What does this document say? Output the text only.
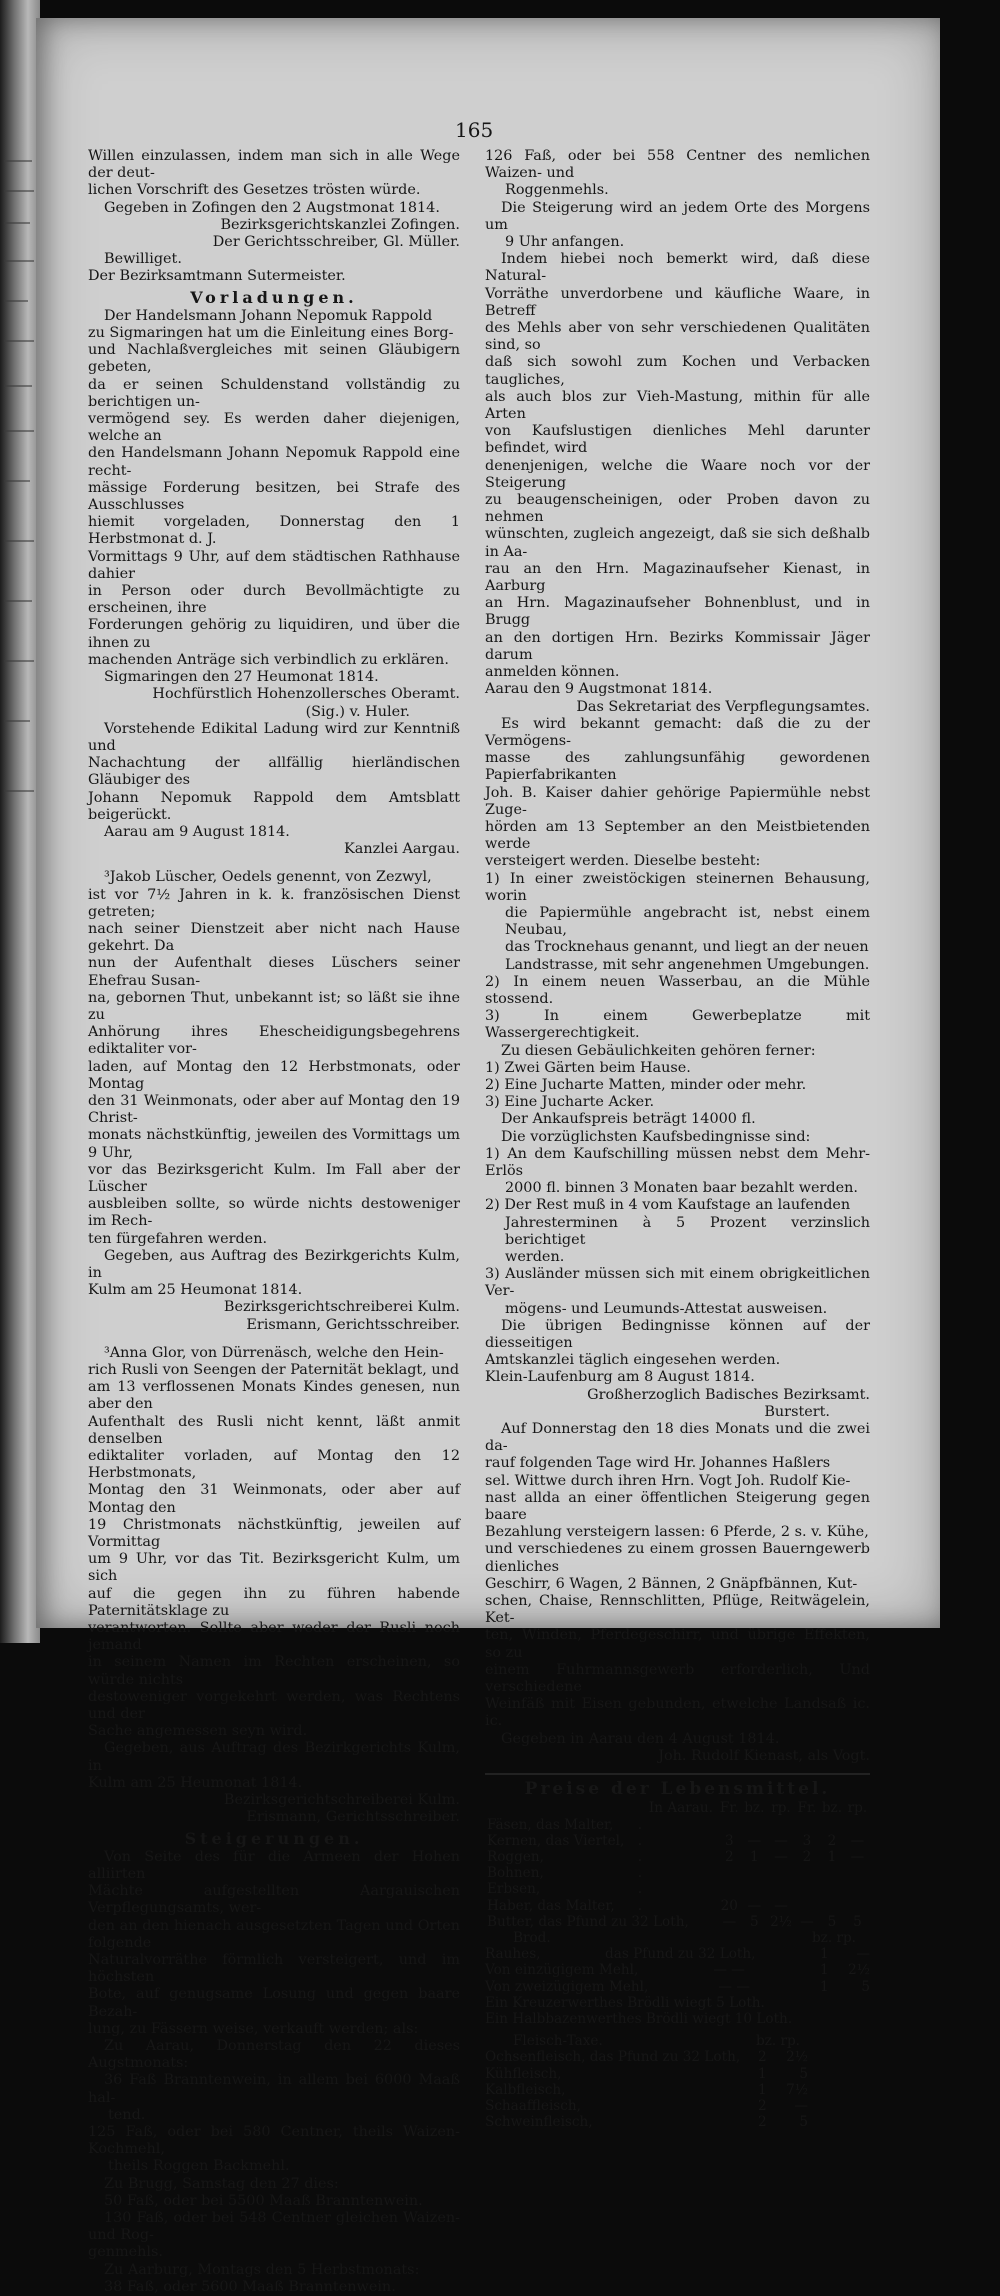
165

Willen einzulassen, indem man sich in alle Wege der deut-

lichen Vorschrift des Gesetzes trösten würde.

Gegeben in Zofingen den 2 Augstmonat 1814.

Bezirksgerichtskanzlei Zofingen.

Der Gerichtsschreiber, Gl. Müller.

Bewilliget.

Der Bezirksamtmann Sutermeister.

Vorladungen.

Der Handelsmann Johann Nepomuk Rappold

zu Sigmaringen hat um die Einleitung eines Borg-

und Nachlaßvergleiches mit seinen Gläubigern gebeten,

da er seinen Schuldenstand vollständig zu berichtigen un-

vermögend sey. Es werden daher diejenigen, welche an

den Handelsmann Johann Nepomuk Rappold eine recht-

mässige Forderung besitzen, bei Strafe des Ausschlusses

hiemit vorgeladen, Donnerstag den 1 Herbstmonat d. J.

Vormittags 9 Uhr, auf dem städtischen Rathhause dahier

in Person oder durch Bevollmächtigte zu erscheinen, ihre

Forderungen gehörig zu liquidiren, und über die ihnen zu

machenden Anträge sich verbindlich zu erklären.

Sigmaringen den 27 Heumonat 1814.

Hochfürstlich Hohenzollersches Oberamt.

(Sig.) v. Huler.

Vorstehende Edikital Ladung wird zur Kenntniß und

Nachachtung der allfällig hierländischen Gläubiger des

Johann Nepomuk Rappold dem Amtsblatt beigerückt.

Aarau am 9 August 1814.

Kanzlei Aargau.

³Jakob Lüscher, Oedels genennt, von Zezwyl,

ist vor 7½ Jahren in k. k. französischen Dienst getreten;

nach seiner Dienstzeit aber nicht nach Hause gekehrt. Da

nun der Aufenthalt dieses Lüschers seiner Ehefrau Susan-

na, gebornen Thut, unbekannt ist; so läßt sie ihne zu

Anhörung ihres Ehescheidigungsbegehrens ediktaliter vor-

laden, auf Montag den 12 Herbstmonats, oder Montag

den 31 Weinmonats, oder aber auf Montag den 19 Christ-

monats nächstkünftig, jeweilen des Vormittags um 9 Uhr,

vor das Bezirksgericht Kulm. Im Fall aber der Lüscher

ausbleiben sollte, so würde nichts destoweniger im Rech-

ten fürgefahren werden.

Gegeben, aus Auftrag des Bezirkgerichts Kulm, in

Kulm am 25 Heumonat 1814.

Bezirksgerichtschreiberei Kulm.

Erismann, Gerichtsschreiber.

³Anna Glor, von Dürrenäsch, welche den Hein-

rich Rusli von Seengen der Paternität beklagt, und

am 13 verflossenen Monats Kindes genesen, nun aber den

Aufenthalt des Rusli nicht kennt, läßt anmit denselben

ediktaliter vorladen, auf Montag den 12 Herbstmonats,

Montag den 31 Weinmonats, oder aber auf Montag den

19 Christmonats nächstkünftig, jeweilen auf Vormittag

um 9 Uhr, vor das Tit. Bezirksgericht Kulm, um sich

auf die gegen ihn zu führen habende Paternitätsklage zu

verantworten. Sollte aber weder der Rusli noch jemand

in seinem Namen im Rechten erscheinen, so würde nichts

destoweniger vorgekehrt werden, was Rechtens und der

Sache angemessen seyn wird.

Gegeben, aus Auftrag des Bezirkgerichts Kulm, in

Kulm am 25 Heumonat 1814.

Bezirksgerichtschreiberei Kulm.

Erismann, Gerichtsschreiber.

Steigerungen.

Von Seite des für die Armeen der Hohen alliirten

Mächte aufgestellten Aargauischen Verpflegungsamts, wer-

den an den hienach ausgesetzten Tagen und Orten folgende

Naturalvorräthe förmlich versteigert, und im höchsten

Bote, auf genugsame Losung und gegen baare Bezah-

lung, zu Fässern weise, verkauft werden; als:

Zu Aarau, Donnerstag den 22 dieses Augstmonats:

36 Faß Branntenwein, in allem bei 6000 Maaß hal-

tend.

125 Faß, oder bei 580 Centner, theils Waizen-Kochmehl,

theils Roggen Backmehl.

Zu Brugg, Samstag den 27 dies:

50 Faß, oder bei 5500 Maaß Branntenwein.

130 Faß, oder bei 548 Centner gleichen Waizen- und Rog-

genmehls.

Zu Aarburg, Montags den 5 Herbstmonats:

38 Faß, oder 5600 Maaß Branntenwein.

126 Faß, oder bei 558 Centner des nemlichen Waizen- und

Roggenmehls.

Die Steigerung wird an jedem Orte des Morgens um

9 Uhr anfangen.

Indem hiebei noch bemerkt wird, daß diese Natural-

Vorräthe unverdorbene und käufliche Waare, in Betreff

des Mehls aber von sehr verschiedenen Qualitäten sind, so

daß sich sowohl zum Kochen und Verbacken taugliches,

als auch blos zur Vieh-Mastung, mithin für alle Arten

von Kaufslustigen dienliches Mehl darunter befindet, wird

denenjenigen, welche die Waare noch vor der Steigerung

zu beaugenscheinigen, oder Proben davon zu nehmen

wünschten, zugleich angezeigt, daß sie sich deßhalb in Aa-

rau an den Hrn. Magazinaufseher Kienast, in Aarburg

an Hrn. Magazinaufseher Bohnenblust, und in Brugg

an den dortigen Hrn. Bezirks Kommissair Jäger darum

anmelden können.

Aarau den 9 Augstmonat 1814.

Das Sekretariat des Verpflegungsamtes.

Es wird bekannt gemacht: daß die zu der Vermögens-

masse des zahlungsunfähig gewordenen Papierfabrikanten

Joh. B. Kaiser dahier gehörige Papiermühle nebst Zuge-

hörden am 13 September an den Meistbietenden werde

versteigert werden. Dieselbe besteht:

1) In einer zweistöckigen steinernen Behausung, worin

die Papiermühle angebracht ist, nebst einem Neubau,

das Trocknehaus genannt, und liegt an der neuen

Landstrasse, mit sehr angenehmen Umgebungen.

2) In einem neuen Wasserbau, an die Mühle stossend.

3) In einem Gewerbeplatze mit Wassergerechtigkeit.

Zu diesen Gebäulichkeiten gehören ferner:

1) Zwei Gärten beim Hause.

2) Eine Jucharte Matten, minder oder mehr.

3) Eine Jucharte Acker.

Der Ankaufspreis beträgt 14000 fl.

Die vorzüglichsten Kaufsbedingnisse sind:

1) An dem Kaufschilling müssen nebst dem Mehr-Erlös

2000 fl. binnen 3 Monaten baar bezahlt werden.

2) Der Rest muß in 4 vom Kaufstage an laufenden

Jahresterminen à 5 Prozent verzinslich berichtiget

werden.

3) Ausländer müssen sich mit einem obrigkeitlichen Ver-

mögens- und Leumunds-Attestat ausweisen.

Die übrigen Bedingnisse können auf der diesseitigen

Amtskanzlei täglich eingesehen werden.

Klein-Laufenburg am 8 August 1814.

Großherzoglich Badisches Bezirksamt.

Burstert.

Auf Donnerstag den 18 dies Monats und die zwei da-

rauf folgenden Tage wird Hr. Johannes Haßlers

sel. Wittwe durch ihren Hrn. Vogt Joh. Rudolf Kie-

nast allda an einer öffentlichen Steigerung gegen baare

Bezahlung versteigern lassen: 6 Pferde, 2 s. v. Kühe,

und verschiedenes zu einem grossen Bauerngewerb dienliches

Geschirr, 6 Wagen, 2 Bännen, 2 Gnäpfbännen, Kut-

schen, Chaise, Rennschlitten, Pflüge, Reitwägelein, Ket-

ten, Winden, Pferdegeschirr, und übrige Effekten, so zu

einem Fuhrmannsgewerb erforderlich, Und verschiedene

Weinfäß mit Eisen gebunden, etwelche Landsaß ic. ic.

Gegeben in Aarau den 4 August 1814.

Joh. Rudolf Kienast, als Vogt.

Preise der Lebensmittel.
		In Aarau.	Fr.	bz.	rp.	Fr.	bz.	rp.
Fäsen, das Malter,	.							
Kernen, das Viertel,	.		3	—	—	3	2	—
Roggen,	.		2	1	—	2	1	—
Bohnen,	.							
Erbsen,	.							
Haber, das Malter,	.		20	—	—			
Butter, das Pfund zu 32 Loth,			—	5	2½	—	5	5
Brod.	bz. rp.
Rauhes,	das Pfund zu 32 Loth,	1 —
Von einzügigem Mehl,	— —	1 2½
Von zweizügigem Mehl,	— —	1 5
Ein Kreuzerwerthes Brödli wiegt 5 Loth.
Ein Halbbazenwerthes Brödli wiegt 10 Loth.
Fleisch-Taxe.	bz. rp.
Ochsenfleisch, das Pfund zu 32 Loth, 2 2½
Kühfleisch,	1 5
Kalbfleisch,	1 7½
Schaaffleisch,	2 —
Schweinfleisch,	2 5
